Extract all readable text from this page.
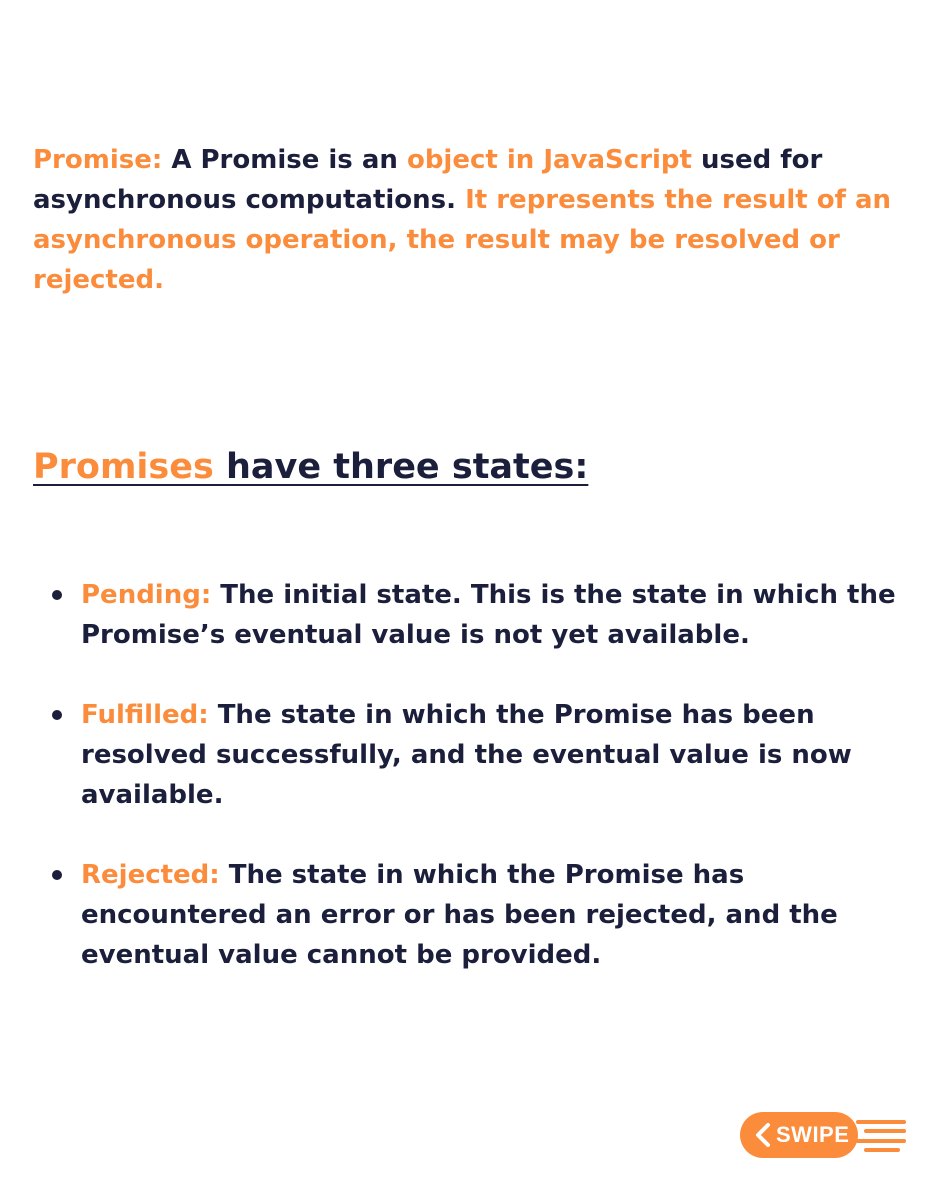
Promise: A Promise is an object in JavaScript used for asynchronous computations. It represents the result of an asynchronous operation, the result may be resolved or rejected.

Promises have three states:
Pending: The initial state. This is the state in which the Promise’s eventual value is not yet available.
Fulfilled: The state in which the Promise has been resolved successfully, and the eventual value is now available.
Rejected: The state in which the Promise has encountered an error or has been rejected, and the eventual value cannot be provided.
SWIPE
